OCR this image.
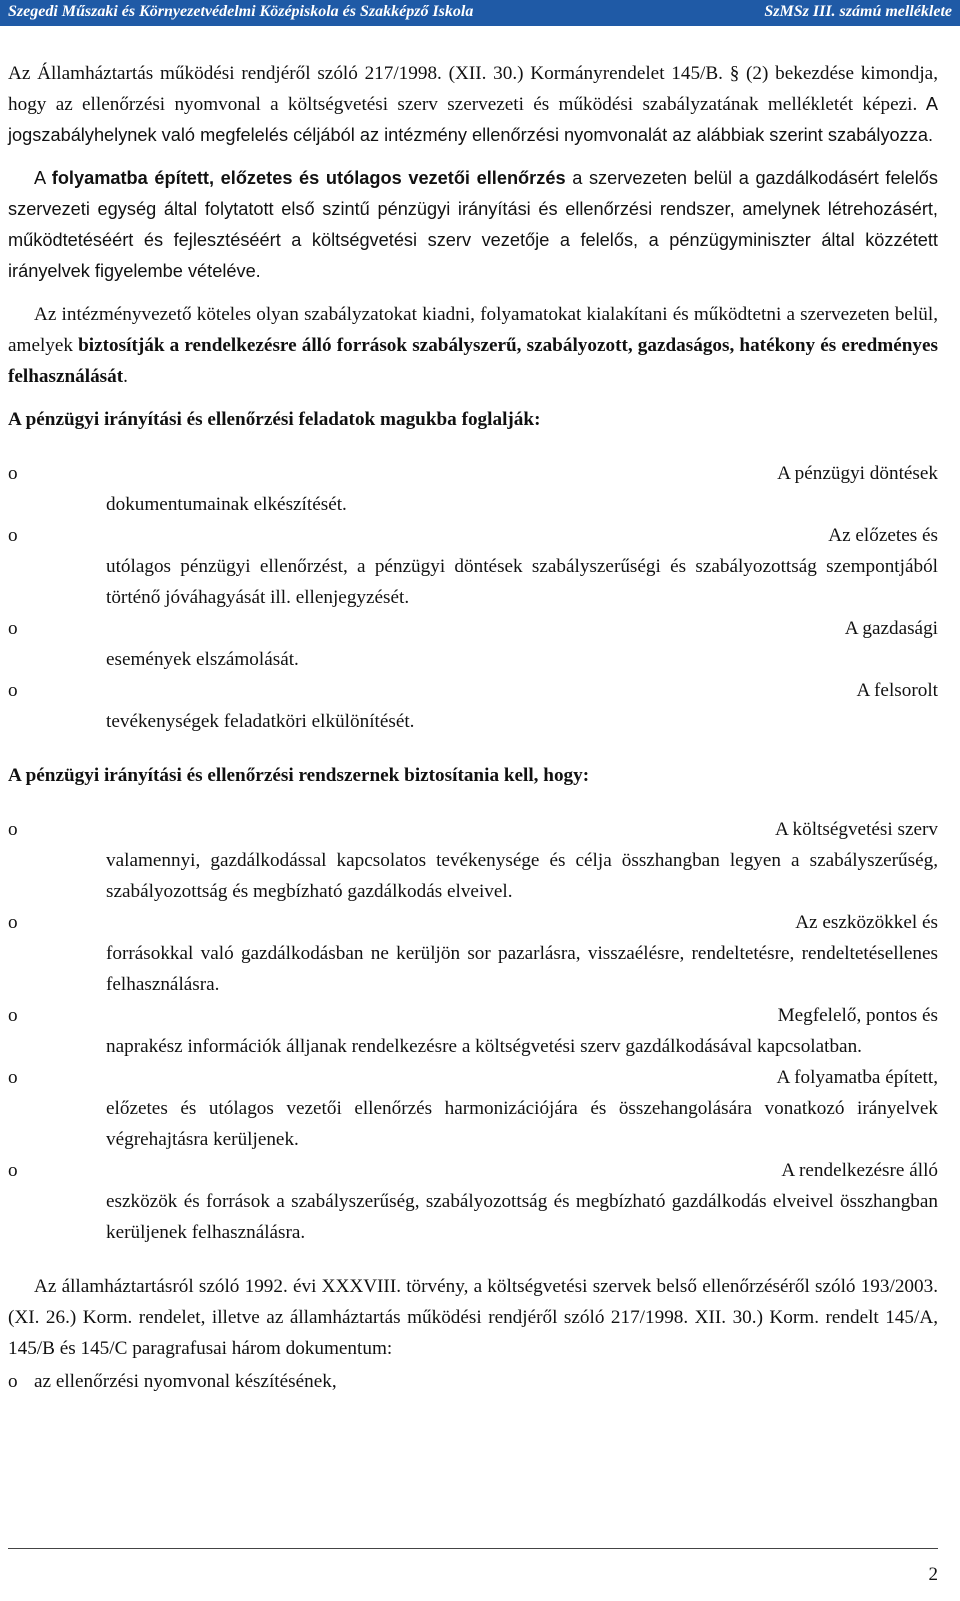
Szegedi Műszaki és Környezetvédelmi Középiskola és Szakképző Iskola	SzMSz III. számú melléklete

Az Államháztartás működési rendjéről szóló 217/1998. (XII. 30.) Kormányrendelet 145/B. § (2) bekezdése kimondja, hogy az ellenőrzési nyomvonal a költségvetési szerv szervezeti és működési szabályzatának mellékletét képezi. A jogszabályhelynek való megfelelés céljából az intézmény ellenőrzési nyomvonalát az alábbiak szerint szabályozza.

A folyamatba épített, előzetes és utólagos vezetői ellenőrzés a szervezeten belül a gazdálkodásért felelős szervezeti egység által folytatott első szintű pénzügyi irányítási és ellenőrzési rendszer, amelynek létrehozásért, működtetéséért és fejlesztéséért a költségvetési szerv vezetője a felelős, a pénzügyminiszter által közzétett irányelvek figyelembe vételéve.

Az intézményvezető köteles olyan szabályzatokat kiadni, folyamatokat kialakítani és működtetni a szervezeten belül, amelyek biztosítják a rendelkezésre álló források szabályszerű, szabályozott, gazdaságos, hatékony és eredményes felhasználását.

A pénzügyi irányítási és ellenőrzési feladatok magukba foglalják:

o	A pénzügyi döntések
dokumentumainak elkészítését.
o	Az előzetes és
utólagos pénzügyi ellenőrzést, a pénzügyi döntések szabályszerűségi és szabályozottság szempontjából történő jóváhagyását ill. ellenjegyzését.
o	A gazdasági
események elszámolását.
o	A felsorolt
tevékenységek feladatköri elkülönítését.

A pénzügyi irányítási és ellenőrzési rendszernek biztosítania kell, hogy:

o	A költségvetési szerv
valamennyi, gazdálkodással kapcsolatos tevékenysége és célja összhangban legyen a szabályszerűség, szabályozottság és megbízható gazdálkodás elveivel.
o	Az eszközökkel és
forrásokkal való gazdálkodásban ne kerüljön sor pazarlásra, visszaélésre, rendeltetésre, rendeltetésellenes felhasználásra.
o	Megfelelő, pontos és
naprakész információk álljanak rendelkezésre a költségvetési szerv gazdálkodásával kapcsolatban.
o	A folyamatba épített,
előzetes és utólagos vezetői ellenőrzés harmonizációjára és összehangolására vonatkozó irányelvek végrehajtásra kerüljenek.
o	A rendelkezésre álló
eszközök és források a szabályszerűség, szabályozottság és megbízható gazdálkodás elveivel összhangban kerüljenek felhasználásra.

Az államháztartásról szóló 1992. évi XXXVIII. törvény, a költségvetési szervek belső ellenőrzéséről szóló 193/2003.(XI. 26.) Korm. rendelet, illetve az államháztartás működési rendjéről szóló 217/1998. XII. 30.) Korm. rendelt 145/A, 145/B és 145/C paragrafusai három dokumentum:

o az ellenőrzési nyomvonal készítésének,
2
